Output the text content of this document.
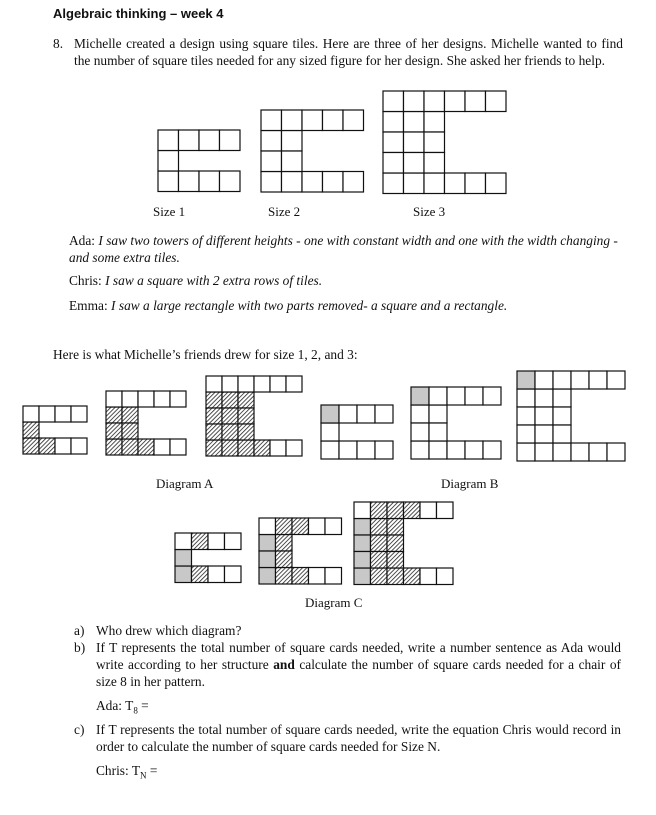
Algebraic thinking – week 4
8. Michelle created a design using square tiles. Here are three of her designs. Michelle wanted to find the number of square tiles needed for any sized figure for her design. She asked her friends to help.
Size 1	Size 2	Size 3
Ada: I saw two towers of different heights - one with constant width and one with the width changing - and some extra tiles.
Chris: I saw a square with 2 extra rows of tiles.
Emma: I saw a large rectangle with two parts removed- a square and a rectangle.
Here is what Michelle’s friends drew for size 1, 2, and 3:
Diagram A	Diagram B
Diagram C
a) Who drew which diagram?
b) If T represents the total number of square cards needed, write a number sentence as Ada would write according to her structure and calculate the number of square cards needed for a chair of size 8 in her pattern.
Ada: $T_8$ =
c) If T represents the total number of square cards needed, write the equation Chris would record in order to calculate the number of square cards needed for Size N.
Chris: $T_N$ =
